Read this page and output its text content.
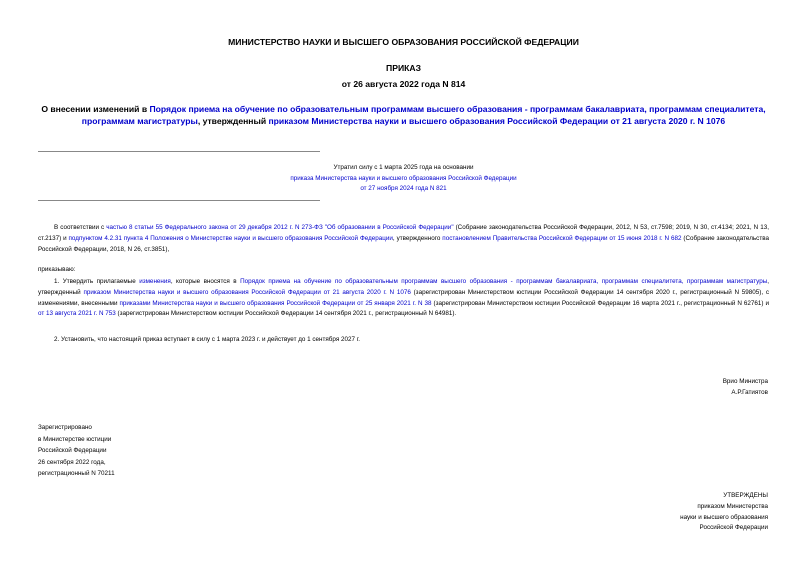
МИНИСТЕРСТВО НАУКИ И ВЫСШЕГО ОБРАЗОВАНИЯ РОССИЙСКОЙ ФЕДЕРАЦИИ
ПРИКАЗ
от 26 августа 2022 года N 814
О внесении изменений в Порядок приема на обучение по образовательным программам высшего образования - программам бакалавриата, программам специалитета, программам магистратуры, утвержденный приказом Министерства науки и высшего образования Российской Федерации от 21 августа 2020 г. N 1076
Утратил силу с 1 марта 2025 года на основании
приказа Министерства науки и высшего образования Российской Федерации
от 27 ноября 2024 года N 821
В соответствии с частью 8 статьи 55 Федерального закона от 29 декабря 2012 г. N 273-ФЗ "Об образовании в Российской Федерации" (Собрание законодательства Российской Федерации, 2012, N 53, ст.7598; 2019, N 30, ст.4134; 2021, N 13, ст.2137) и подпунктом 4.2.31 пункта 4 Положения о Министерстве науки и высшего образования Российской Федерации, утвержденного постановлением Правительства Российской Федерации от 15 июня 2018 г. N 682 (Собрание законодательства Российской Федерации, 2018, N 26, ст.3851),
приказываю:
1. Утвердить прилагаемые изменения, которые вносятся в Порядок приема на обучение по образовательным программам высшего образования - программам бакалавриата, программам специалитета, программам магистратуры, утвержденный приказом Министерства науки и высшего образования Российской Федерации от 21 августа 2020 г. N 1076 (зарегистрирован Министерством юстиции Российской Федерации 14 сентября 2020 г., регистрационный N 59805), с изменениями, внесенными приказами Министерства науки и высшего образования Российской Федерации от 25 января 2021 г. N 38 (зарегистрирован Министерством юстиции Российской Федерации 16 марта 2021 г., регистрационный N 62761) и от 13 августа 2021 г. N 753 (зарегистрирован Министерством юстиции Российской Федерации 14 сентября 2021 г., регистрационный N 64981).
2. Установить, что настоящий приказ вступает в силу с 1 марта 2023 г. и действует до 1 сентября 2027 г.
Врио Министра
А.Р.Гатиятов
Зарегистрировано
в Министерстве юстиции
Российской Федерации
26 сентября 2022 года,
регистрационный N 70211
УТВЕРЖДЕНЫ
приказом Министерства
науки и высшего образования
Российской Федерации
